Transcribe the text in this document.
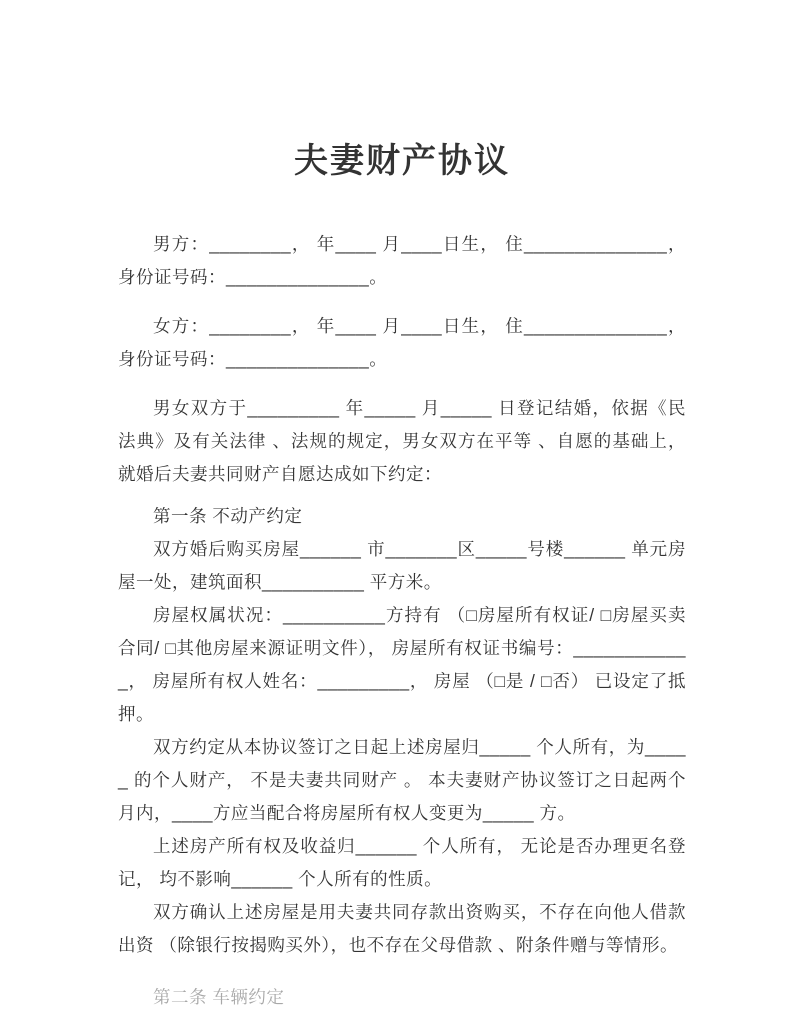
夫妻财产协议

男方：________， 年____ 月____日生， 住______________， 身份证号码：______________。

女方：________， 年____ 月____日生， 住______________， 身份证号码：______________。

男女双方于_________ 年_____ 月_____ 日登记结婚，依据《民法典》及有关法律 、法规的规定，男女双方在平等 、自愿的基础上，就婚后夫妻共同财产自愿达成如下约定：

第一条 不动产约定

双方婚后购买房屋______ 市_______区_____号楼______ 单元房屋一处，建筑面积__________ 平方米。

房屋权属状况：__________方持有 （□房屋所有权证/ □房屋买卖合同/ □其他房屋来源证明文件）， 房屋所有权证书编号：____________， 房屋所有权人姓名：_________， 房屋 （□是 / □否） 已设定了抵押。

双方约定从本协议签订之日起上述房屋归_____ 个人所有，为_____ 的个人财产， 不是夫妻共同财产 。 本夫妻财产协议签订之日起两个月内，____方应当配合将房屋所有权人变更为_____ 方。

上述房产所有权及收益归______ 个人所有， 无论是否办理更名登记， 均不影响______ 个人所有的性质。

双方确认上述房屋是用夫妻共同存款出资购买，不存在向他人借款出资 （除银行按揭购买外），也不存在父母借款 、附条件赠与等情形。

第二条 车辆约定
